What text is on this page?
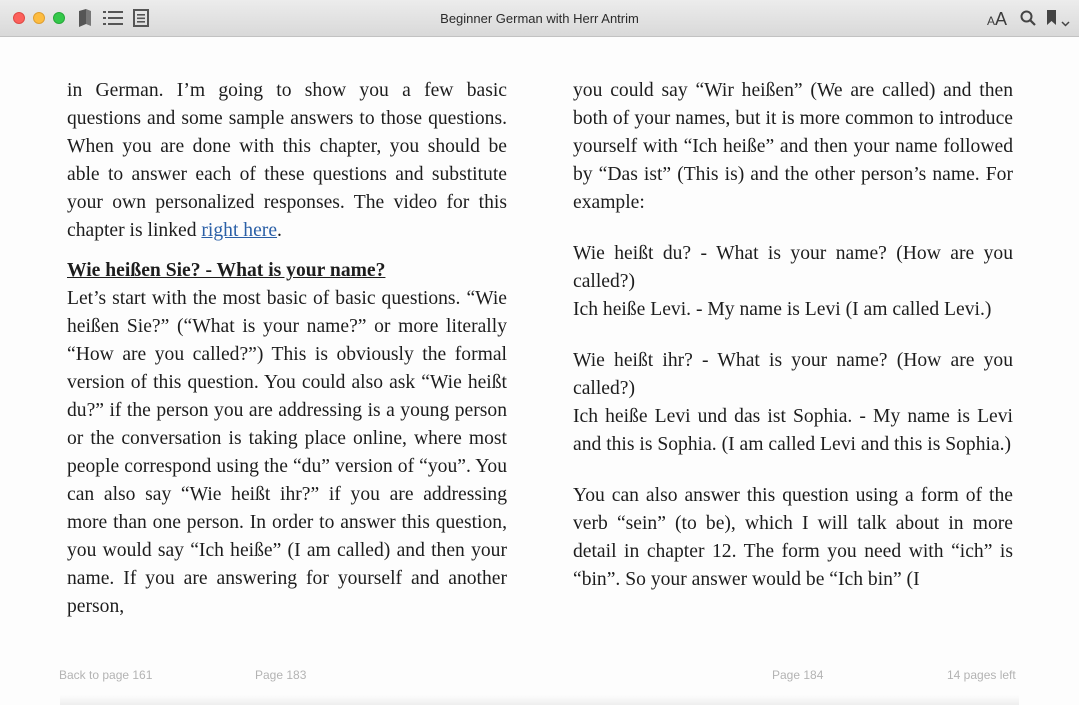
Beginner German with Herr Antrim	AA

in German. I’m going to show you a few basic questions and some sample answers to those questions. When you are done with this chapter, you should be able to answer each of these questions and substitute your own personalized responses. The video for this chapter is linked right here.

Wie heißen Sie? - What is your name?

Let’s start with the most basic of basic questions. “Wie heißen Sie?” (“What is your name?” or more literally “How are you called?”) This is obviously the formal version of this question. You could also ask “Wie heißt du?” if the person you are addressing is a young person or the conversation is taking place online, where most people correspond using the “du” version of “you”. You can also say “Wie heißt ihr?” if you are addressing more than one person. In order to answer this question, you would say “Ich heiße” (I am called) and then your name. If you are answering for yourself and another person,

you could say “Wir heißen” (We are called) and then both of your names, but it is more common to introduce yourself with “Ich heiße” and then your name followed by “Das ist” (This is) and the other person’s name. For example:

Wie heißt du? - What is your name? (How are you called?)

Ich heiße Levi. - My name is Levi (I am called Levi.)

Wie heißt ihr? - What is your name? (How are you called?)

Ich heiße Levi und das ist Sophia. - My name is Levi and this is Sophia. (I am called Levi and this is Sophia.)

You can also answer this question using a form of the verb “sein” (to be), which I will talk about in more detail in chapter 12. The form you need with “ich” is “bin”. So your answer would be “Ich bin” (I

Back to page 161	Page 183	Page 184	14 pages left
